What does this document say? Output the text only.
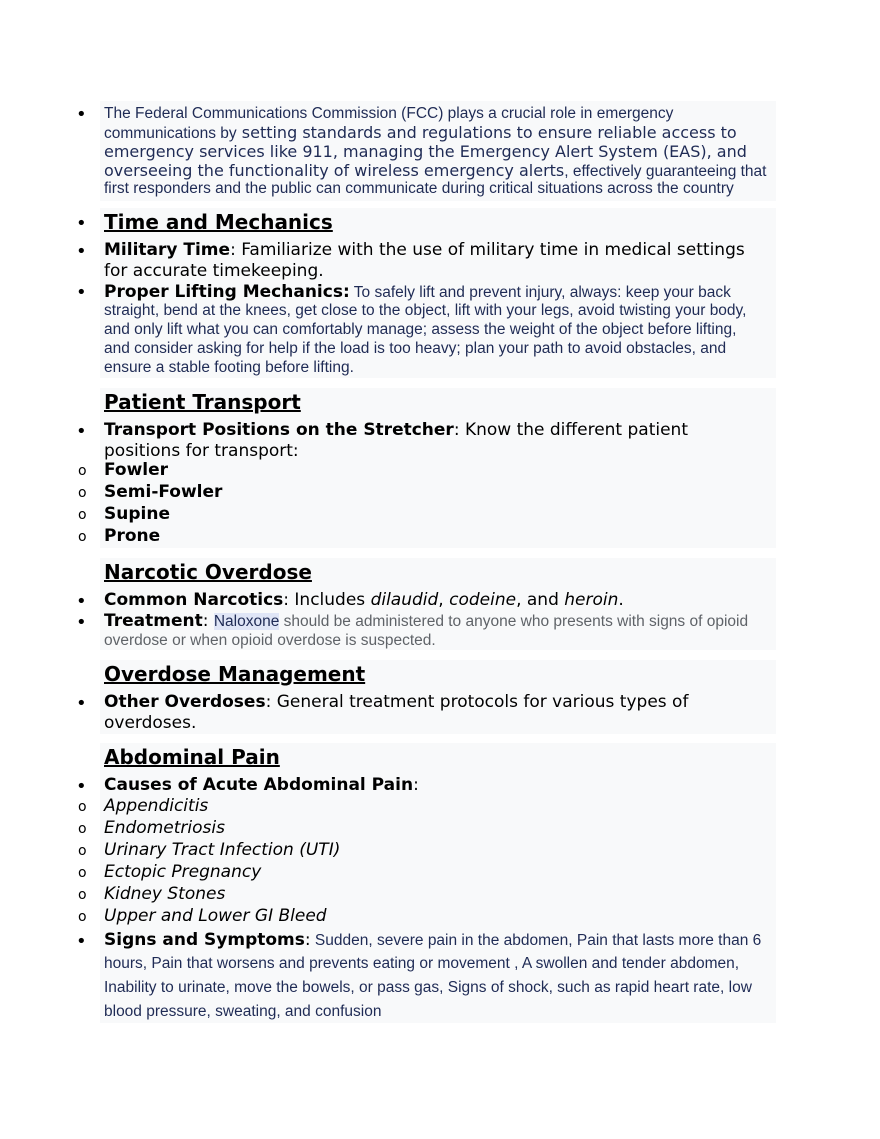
• The Federal Communications Commission (FCC) plays a crucial role in emergency
communications by setting standards and regulations to ensure reliable access to
emergency services like 911, managing the Emergency Alert System (EAS), and
overseeing the functionality of wireless emergency alerts, effectively guaranteeing that
first responders and the public can communicate during critical situations across the country
• Time and Mechanics
• Military Time: Familiarize with the use of military time in medical settings
for accurate timekeeping.
• Proper Lifting Mechanics: To safely lift and prevent injury, always: keep your back
straight, bend at the knees, get close to the object, lift with your legs, avoid twisting your body,
and only lift what you can comfortably manage; assess the weight of the object before lifting,
and consider asking for help if the load is too heavy; plan your path to avoid obstacles, and
ensure a stable footing before lifting.
Patient Transport
• Transport Positions on the Stretcher: Know the different patient
positions for transport:
o Fowler
o Semi-Fowler
o Supine
o Prone
Narcotic Overdose
• Common Narcotics: Includes dilaudid, codeine, and heroin.
• Treatment: Naloxone should be administered to anyone who presents with signs of opioid
overdose or when opioid overdose is suspected.
Overdose Management
• Other Overdoses: General treatment protocols for various types of
overdoses.
Abdominal Pain
• Causes of Acute Abdominal Pain:
o Appendicitis
o Endometriosis
o Urinary Tract Infection (UTI)
o Ectopic Pregnancy
o Kidney Stones
o Upper and Lower GI Bleed
• Signs and Symptoms: Sudden, severe pain in the abdomen, Pain that lasts more than 6
hours, Pain that worsens and prevents eating or movement , A swollen and tender abdomen,
Inability to urinate, move the bowels, or pass gas, Signs of shock, such as rapid heart rate, low
blood pressure, sweating, and confusion
